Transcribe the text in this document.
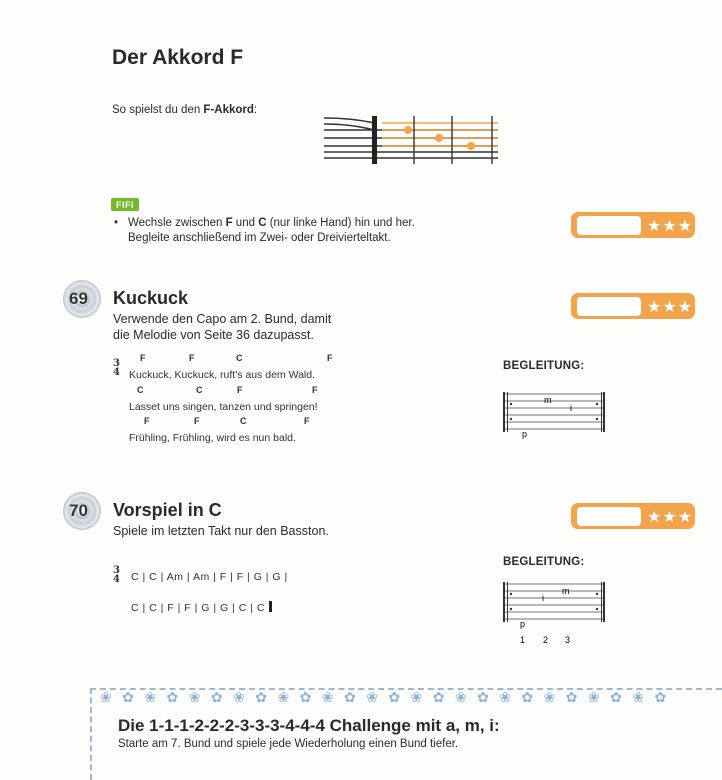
Der Akkord F
So spielst du den F-Akkord:
FIFI
• Wechsle zwischen F und C (nur linke Hand) hin und her.
Begleite anschließend im Zwei- oder Dreivierteltakt.
★★★
69 Kuckuck
Verwende den Capo am 2. Bund, damit
die Melodie von Seite 36 dazupasst.
★★★
3
4
F	F	C	F
Kuckuck, Kuckuck, ruft's aus dem Wald.
C	C	F	F
Lasset uns singen, tanzen und springen!
F	F	C	F
Frühling, Frühling, wird es nun bald.
BEGLEITUNG:
m
i
p
70 Vorspiel in C
Spiele im letzten Takt nur den Basston.
★★★
3
4 C | C | Am | Am | F | F | G | G |
C | C | F | F | G | G | C | C
BEGLEITUNG:
m
i
p
1 2 3
❀ ✿ ❀ ✿ ❀ ✿ ❀ ✿ ❀ ✿ ❀ ✿ ❀ ✿ ❀ ✿ ❀ ✿ ❀ ✿ ❀ ✿ ❀ ✿ ❀ ✿
Die 1-1-1-2-2-2-3-3-3-4-4-4 Challenge mit a, m, i:
Starte am 7. Bund und spiele jede Wiederholung einen Bund tiefer.
